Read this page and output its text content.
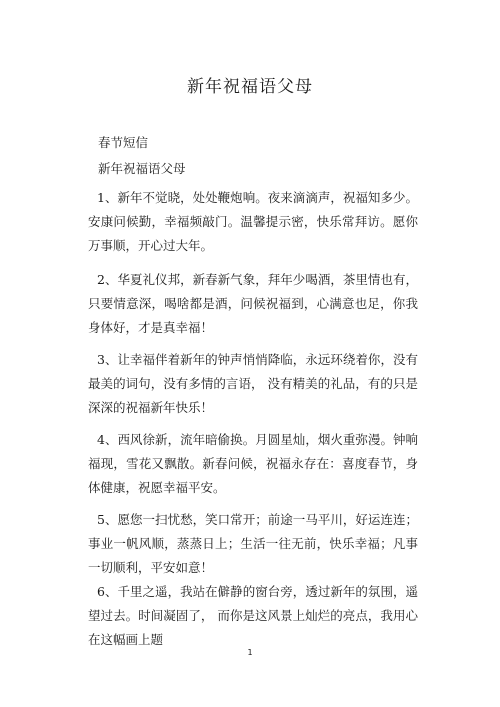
新年祝福语父母
春节短信
新年祝福语父母
1、新年不觉晓，处处鞭炮响。夜来滴滴声，祝福知多少。安康问候勤，幸福频敲门。温馨提示密，快乐常拜访。愿你万事顺，开心过大年。
2、华夏礼仪邦，新春新气象，拜年少喝酒，茶里情也有，只要情意深，喝啥都是酒，问候祝福到，心满意也足，你我身体好，才是真幸福！
3、让幸福伴着新年的钟声悄悄降临，永远环绕着你，没有最美的词句，没有多情的言语， 没有精美的礼品，有的只是深深的祝福新年快乐！
4、西风徐新，流年暗偷换。月圆星灿，烟火重弥漫。钟响福现，雪花又飘散。新春问候，祝福永存在：喜度春节，身体健康，祝愿幸福平安。
5、愿您一扫忧愁，笑口常开；前途一马平川，好运连连；事业一帆风顺，蒸蒸日上；生活一往无前，快乐幸福；凡事一切顺利，平安如意！
6、千里之遥，我站在僻静的窗台旁，透过新年的氛围，遥望过去。时间凝固了， 而你是这风景上灿烂的亮点，我用心在这幅画上题
1
